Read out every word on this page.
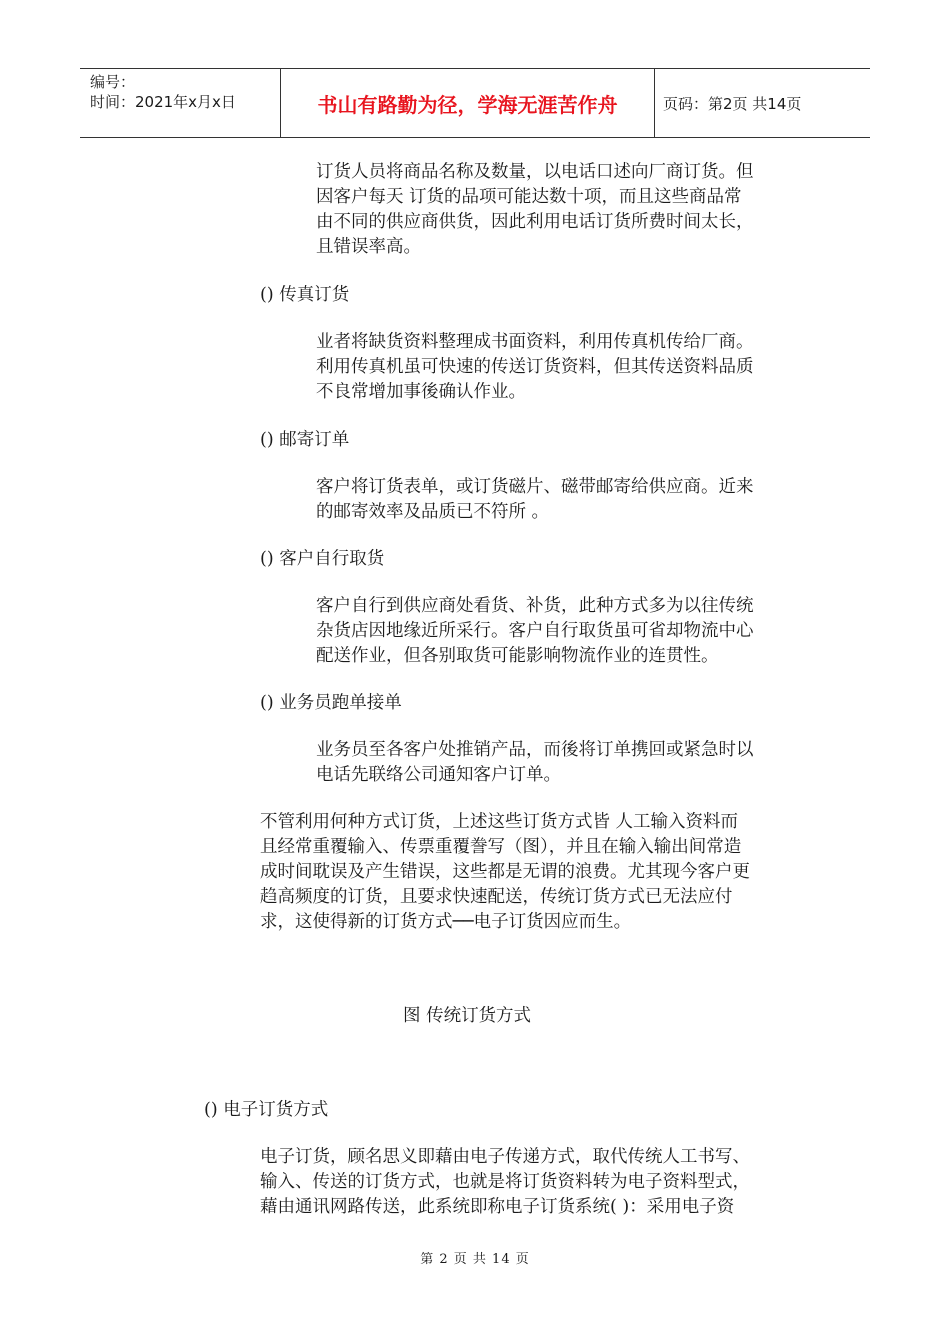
编号：
时间：2021年x月x日	书山有路勤为径，学海无涯苦作舟	页码：第2页 共14页

订货人员将商品名称及数量，以电话口述向厂商订货。但

因客户每天 订货的品项可能达数十项，而且这些商品常

由不同的供应商供货，因此利用电话订货所费时间太长，

且错误率高。

() 传真订货

业者将缺货资料整理成书面资料，利用传真机传给厂商。

利用传真机虽可快速的传送订货资料，但其传送资料品质

不良常增加事後确认作业。

() 邮寄订单

客户将订货表单，或订货磁片、磁带邮寄给供应商。近来

的邮寄效率及品质已不符所 。

() 客户自行取货

客户自行到供应商处看货、补货，此种方式多为以往传统

杂货店因地缘近所采行。客户自行取货虽可省却物流中心

配送作业，但各别取货可能影响物流作业的连贯性。

() 业务员跑单接单

业务员至各客户处推销产品，而後将订单携回或紧急时以

电话先联络公司通知客户订单。

不管利用何种方式订货，上述这些订货方式皆 人工输入资料而

且经常重覆输入、传票重覆誊写（图），并且在输入输出间常造

成时间耽误及产生错误，这些都是无谓的浪费。尤其现今客户更

趋高频度的订货，且要求快速配送，传统订货方式已无法应付

求，这使得新的订货方式──电子订货因应而生。

图 传统订货方式

() 电子订货方式

电子订货，顾名思义即藉由电子传递方式，取代传统人工书写、

输入、传送的订货方式，也就是将订货资料转为电子资料型式，

藉由通讯网路传送，此系统即称电子订货系统( )：采用电子资

第 2 页 共 14 页
